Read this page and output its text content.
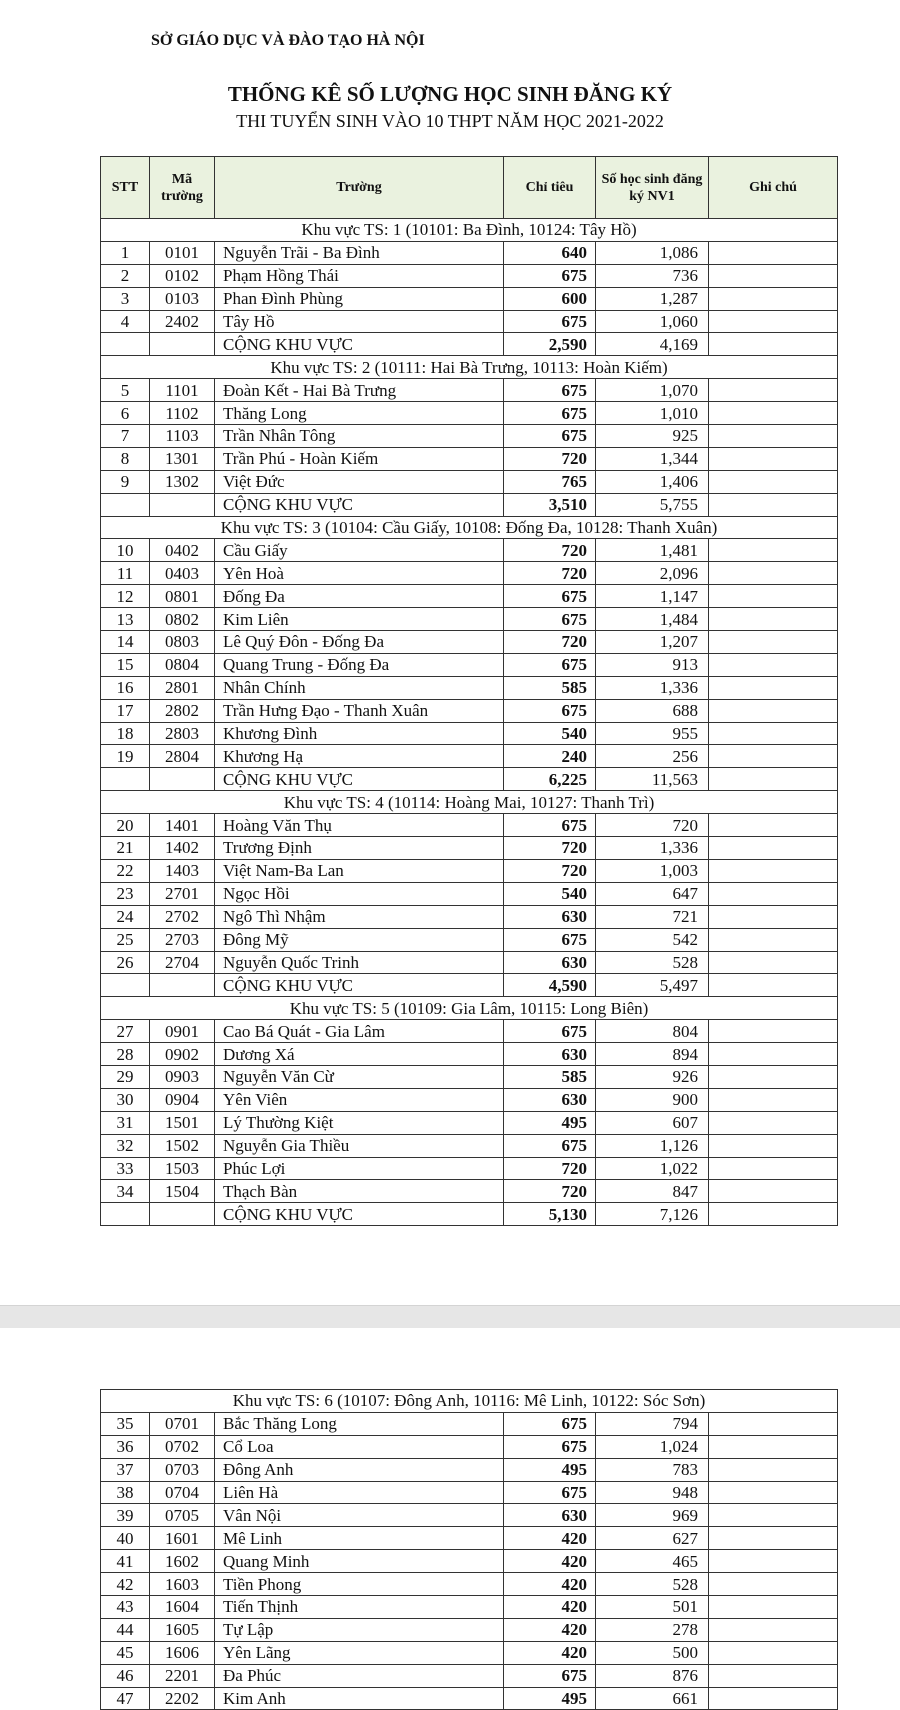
SỞ GIÁO DỤC VÀ ĐÀO TẠO HÀ NỘI
THỐNG KÊ SỐ LƯỢNG HỌC SINH ĐĂNG KÝ
THI TUYỂN SINH VÀO 10 THPT NĂM HỌC 2021-2022
STT	Mã trường	Trường	Chỉ tiêu	Số học sinh đăng ký NV1	Ghi chú
Khu vực TS: 1 (10101: Ba Đình, 10124: Tây Hồ)					
1	0101	Nguyễn Trãi - Ba Đình	640	1,086	
2	0102	Phạm Hồng Thái	675	736	
3	0103	Phan Đình Phùng	600	1,287	
4	2402	Tây Hồ	675	1,060	
		CỘNG KHU VỰC	2,590	4,169	
Khu vực TS: 2 (10111: Hai Bà Trưng, 10113: Hoàn Kiếm)					
5	1101	Đoàn Kết - Hai Bà Trưng	675	1,070	
6	1102	Thăng Long	675	1,010	
7	1103	Trần Nhân Tông	675	925	
8	1301	Trần Phú - Hoàn Kiếm	720	1,344	
9	1302	Việt Đức	765	1,406	
		CỘNG KHU VỰC	3,510	5,755	
Khu vực TS: 3 (10104: Cầu Giấy, 10108: Đống Đa, 10128: Thanh Xuân)					
10	0402	Cầu Giấy	720	1,481	
11	0403	Yên Hoà	720	2,096	
12	0801	Đống Đa	675	1,147	
13	0802	Kim Liên	675	1,484	
14	0803	Lê Quý Đôn - Đống Đa	720	1,207	
15	0804	Quang Trung - Đống Đa	675	913	
16	2801	Nhân Chính	585	1,336	
17	2802	Trần Hưng Đạo - Thanh Xuân	675	688	
18	2803	Khương Đình	540	955	
19	2804	Khương Hạ	240	256	
		CỘNG KHU VỰC	6,225	11,563	
Khu vực TS: 4 (10114: Hoàng Mai, 10127: Thanh Trì)					
20	1401	Hoàng Văn Thụ	675	720	
21	1402	Trương Định	720	1,336	
22	1403	Việt Nam-Ba Lan	720	1,003	
23	2701	Ngọc Hồi	540	647	
24	2702	Ngô Thì Nhậm	630	721	
25	2703	Đông Mỹ	675	542	
26	2704	Nguyễn Quốc Trinh	630	528	
		CỘNG KHU VỰC	4,590	5,497	
Khu vực TS: 5 (10109: Gia Lâm, 10115: Long Biên)					
27	0901	Cao Bá Quát - Gia Lâm	675	804	
28	0902	Dương Xá	630	894	
29	0903	Nguyễn Văn Cừ	585	926	
30	0904	Yên Viên	630	900	
31	1501	Lý Thường Kiệt	495	607	
32	1502	Nguyễn Gia Thiều	675	1,126	
33	1503	Phúc Lợi	720	1,022	
34	1504	Thạch Bàn	720	847	
		CỘNG KHU VỰC	5,130	7,126	
Khu vực TS: 6 (10107: Đông Anh, 10116: Mê Linh, 10122: Sóc Sơn)					
35	0701	Bắc Thăng Long	675	794	
36	0702	Cổ Loa	675	1,024	
37	0703	Đông Anh	495	783	
38	0704	Liên Hà	675	948	
39	0705	Vân Nội	630	969	
40	1601	Mê Linh	420	627	
41	1602	Quang Minh	420	465	
42	1603	Tiền Phong	420	528	
43	1604	Tiến Thịnh	420	501	
44	1605	Tự Lập	420	278	
45	1606	Yên Lãng	420	500	
46	2201	Đa Phúc	675	876	
47	2202	Kim Anh	495	661	
